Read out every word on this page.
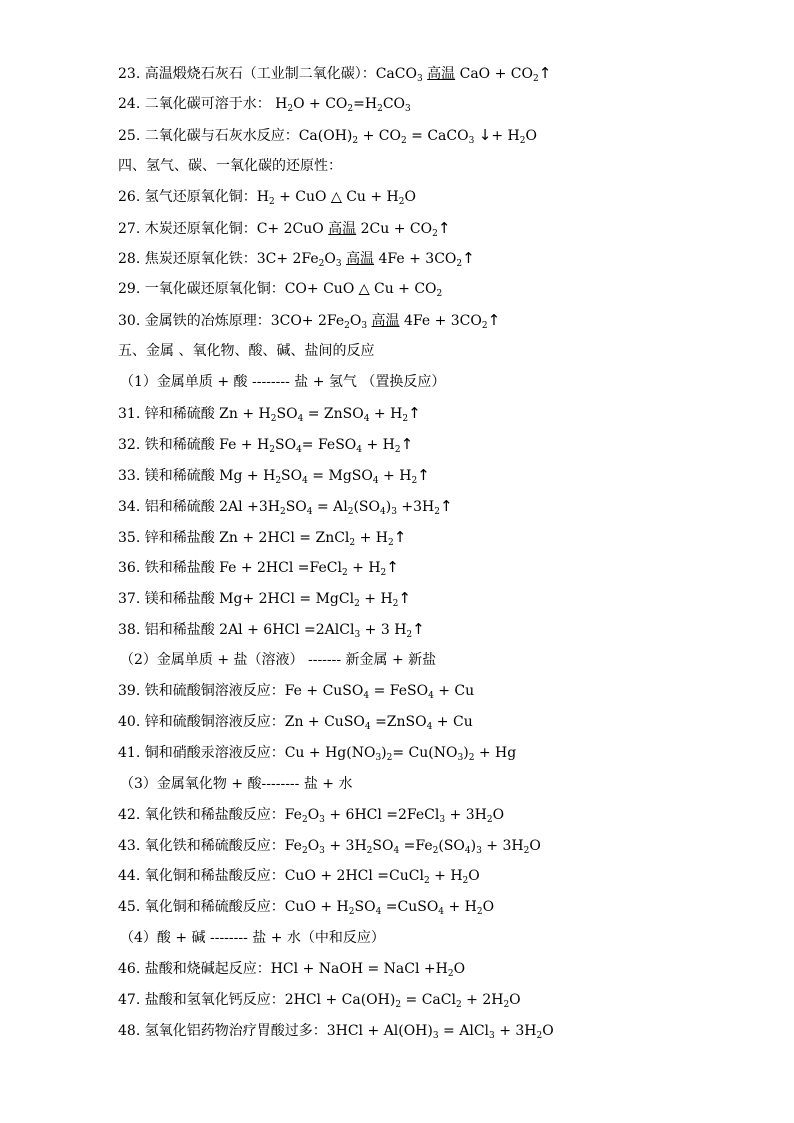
23. 高温煅烧石灰石（工业制二氧化碳）：CaCO$_3$ 高温 CaO + $CO_2↑$
24. 二氧化碳可溶于水： $H_2O + CO_2=H_2CO_3$
25. 二氧化碳与石灰水反应：$Ca(OH)_2 + CO_2$ = CaCO$_3$ ↓+ $H_2O$
四、氢气、碳、一氧化碳的还原性：
26. 氢气还原氧化铜：$H_2$ + CuO △ $Cu + H_2O$
27. 木炭还原氧化铜：C+ 2CuO 高温 $2Cu + CO_2↑$
28. 焦炭还原氧化铁：$3C+ 2Fe_2O_3$ 高温 $4Fe + 3CO_2↑$
29. 一氧化碳还原氧化铜：CO+ CuO △ $Cu + CO_2$
30. 金属铁的冶炼原理：$3CO+ 2Fe_2O_3$ 高温 $4Fe + 3CO_2↑$
五、金属 、氧化物、酸、碱、盐间的反应
（1）金属单质 + 酸 -------- 盐 + 氢气 （置换反应）
31. 锌和稀硫酸 $Zn + H_2SO_4$ = ZnSO$_4$ + $H_2↑$
32. 铁和稀硫酸 $Fe + H_2SO_4=$ FeSO$_4$ + $H_2↑$
33. 镁和稀硫酸 $Mg + H_2SO_4$ = MgSO$_4$ + $H_2↑$
34. 铝和稀硫酸 $2Al +3H_2SO_4 = Al_2(SO_4)_3$ $+3H_2↑$
35. 锌和稀盐酸 Zn + 2HCl = ZnCl$_2$ + $H_2↑$
36. 铁和稀盐酸 Fe + 2HCl =FeCl$_2$ + $H_2↑$
37. 镁和稀盐酸 Mg+ 2HCl = MgCl$_2$ + $H_2↑$
38. 铝和稀盐酸 2Al + 6HCl =2AlCl$_3$ + 3 $H_2↑$
（2）金属单质 + 盐（溶液） ------- 新金属 + 新盐
39. 铁和硫酸铜溶液反应：Fe + CuSO$_4$ = FeSO$_4$ + Cu
40. 锌和硫酸铜溶液反应：Zn + CuSO$_4$ =ZnSO$_4$ + Cu
41. 铜和硝酸汞溶液反应：$Cu + Hg(NO_3)_2= Cu(NO_3)_2 + Hg$
（3）金属氧化物 + 酸-------- 盐 + 水
42. 氧化铁和稀盐酸反应：$Fe_2O_3 + 6HCl$ =2FeCl$_3$ + $3H_2O$
43. 氧化铁和稀硫酸反应：$Fe_2O_3 + 3H_2SO_4 =Fe_2(SO_4)_3 + 3H_2O$
44. 氧化铜和稀盐酸反应：CuO + 2HCl =CuCl$_2$ + $H_2O$
45. 氧化铜和稀硫酸反应：CuO + $H_2SO_4$ =CuSO$_4$ + $H_2O$
（4）酸 + 碱 -------- 盐 + 水（中和反应）
46. 盐酸和烧碱起反应：HCl + NaOH = NaCl $+H_2O$
47. 盐酸和氢氧化钙反应：$2HCl + Ca(OH)_2$ = CaCl$_2$ + $2H_2O$
48. 氢氧化铝药物治疗胃酸过多：$3HCl + Al(OH)_3$ = AlCl$_3$ + $3H_2O$
